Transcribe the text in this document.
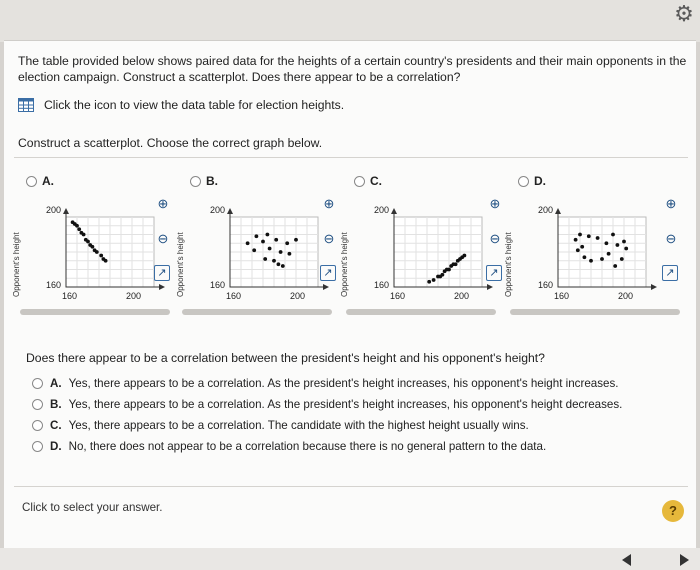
⚙
The table provided below shows paired data for the heights of a certain country's presidents and their main opponents in the election campaign. Construct a scatterplot. Does there appear to be a correlation?
Click the icon to view the data table for election heights.
Construct a scatterplot. Choose the correct graph below.
A.	B.	C.	D.
Opponent's height
200
160
160	200	Opponent's height
200
160
160	200	Opponent's height
200
160
160	200	Opponent's height
200
160
160	200
⊕
⊖
↗
⊕
⊖
↗
⊕
⊖
↗
⊕
⊖
↗
Does there appear to be a correlation between the president's height and his opponent's height?
A. Yes, there appears to be a correlation. As the president's height increases, his opponent's height increases.
B. Yes, there appears to be a correlation. As the president's height increases, his opponent's height decreases.
C. Yes, there appears to be a correlation. The candidate with the highest height usually wins.
D. No, there does not appear to be a correlation because there is no general pattern to the data.
Click to select your answer.	?
